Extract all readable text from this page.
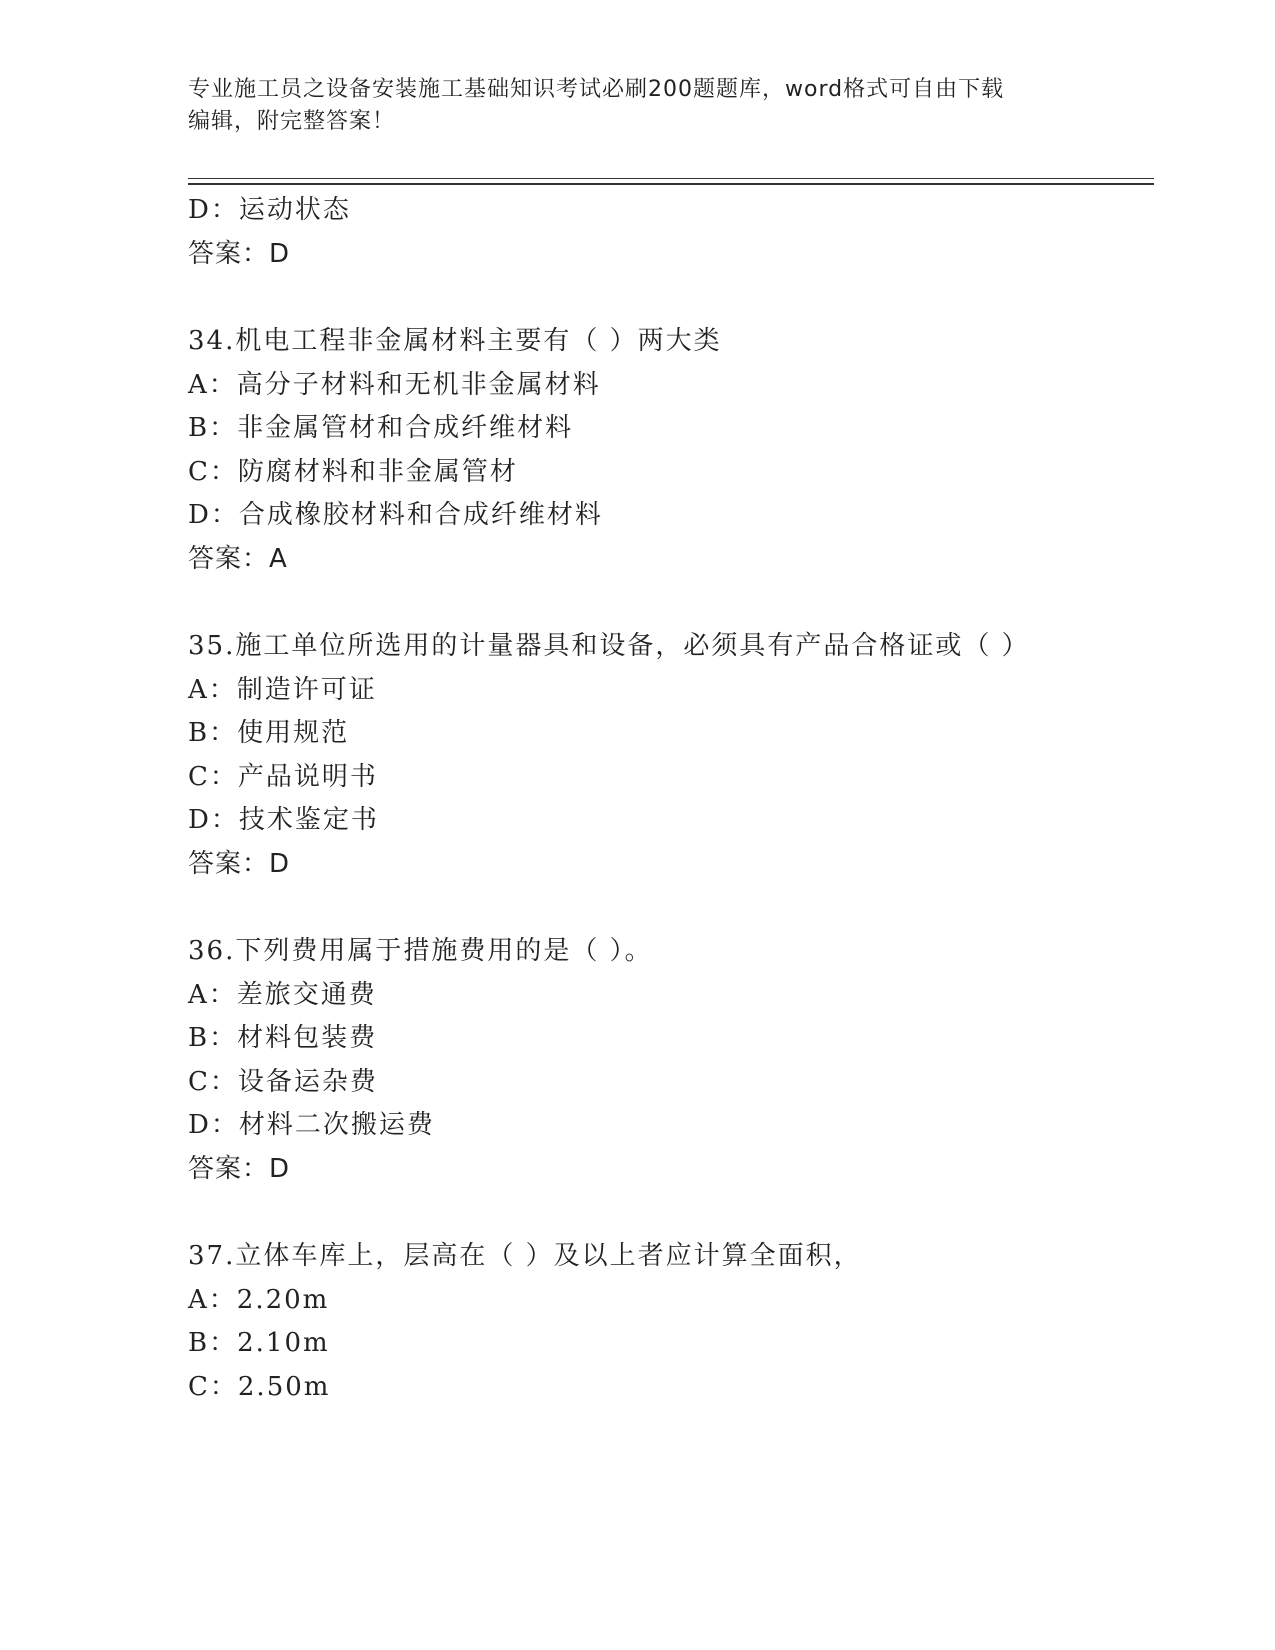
专业施工员之设备安装施工基础知识考试必刷200题题库，word格式可自由下载
编辑，附完整答案！
D：运动状态
答案：D
34.机电工程非金属材料主要有（ ）两大类
A：高分子材料和无机非金属材料
B：非金属管材和合成纤维材料
C：防腐材料和非金属管材
D：合成橡胶材料和合成纤维材料
答案：A
35.施工单位所选用的计量器具和设备，必须具有产品合格证或（ ）
A：制造许可证
B：使用规范
C：产品说明书
D：技术鉴定书
答案：D
36.下列费用属于措施费用的是（ ）。
A：差旅交通费
B：材料包装费
C：设备运杂费
D：材料二次搬运费
答案：D
37.立体车库上，层高在（ ）及以上者应计算全面积，
A：2.20m
B：2.10m
C：2.50m
